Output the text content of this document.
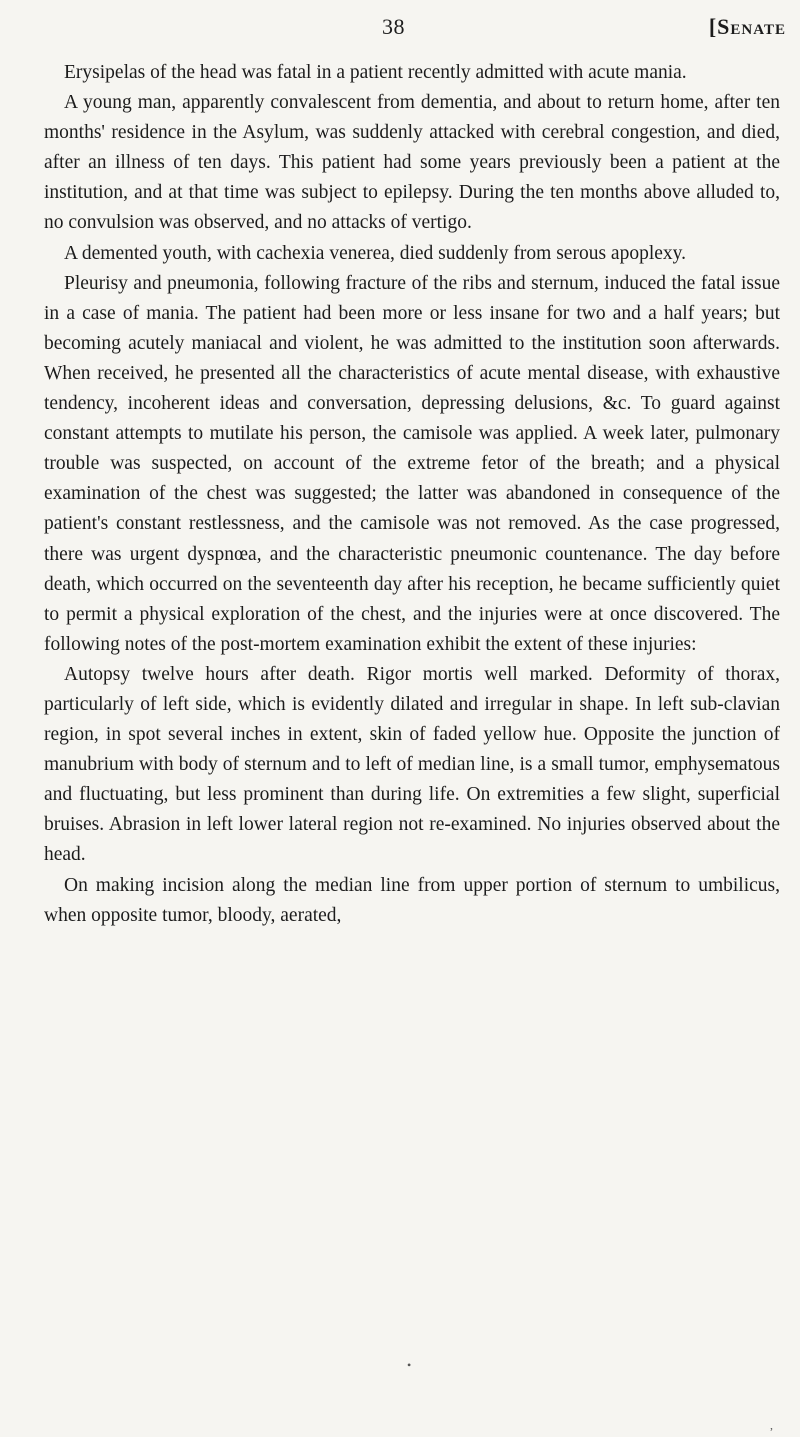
38	[Senate

Erysipelas of the head was fatal in a patient recently admitted with acute mania.

A young man, apparently convalescent from dementia, and about to return home, after ten months' residence in the Asylum, was suddenly attacked with cerebral congestion, and died, after an illness of ten days. This patient had some years previously been a patient at the institution, and at that time was subject to epilepsy. During the ten months above alluded to, no convulsion was observed, and no attacks of vertigo.

A demented youth, with cachexia venerea, died suddenly from serous apoplexy.

Pleurisy and pneumonia, following fracture of the ribs and sternum, induced the fatal issue in a case of mania. The patient had been more or less insane for two and a half years; but becoming acutely maniacal and violent, he was admitted to the institution soon afterwards. When received, he presented all the characteristics of acute mental disease, with exhaustive tendency, incoherent ideas and conversation, depressing delusions, &c. To guard against constant attempts to mutilate his person, the camisole was applied. A week later, pulmonary trouble was suspected, on account of the extreme fetor of the breath; and a physical examination of the chest was suggested; the latter was abandoned in consequence of the patient's constant restlessness, and the camisole was not removed. As the case progressed, there was urgent dyspnœa, and the characteristic pneumonic countenance. The day before death, which occurred on the seventeenth day after his reception, he became sufficiently quiet to permit a physical exploration of the chest, and the injuries were at once discovered. The following notes of the post-mortem examination exhibit the extent of these injuries:

Autopsy twelve hours after death. Rigor mortis well marked. Deformity of thorax, particularly of left side, which is evidently dilated and irregular in shape. In left sub-clavian region, in spot several inches in extent, skin of faded yellow hue. Opposite the junction of manubrium with body of sternum and to left of median line, is a small tumor, emphysematous and fluctuating, but less prominent than during life. On extremities a few slight, superficial bruises. Abrasion in left lower lateral region not re-examined. No injuries observed about the head.

On making incision along the median line from upper portion of sternum to umbilicus, when opposite tumor, bloody, aerated,

•
,
